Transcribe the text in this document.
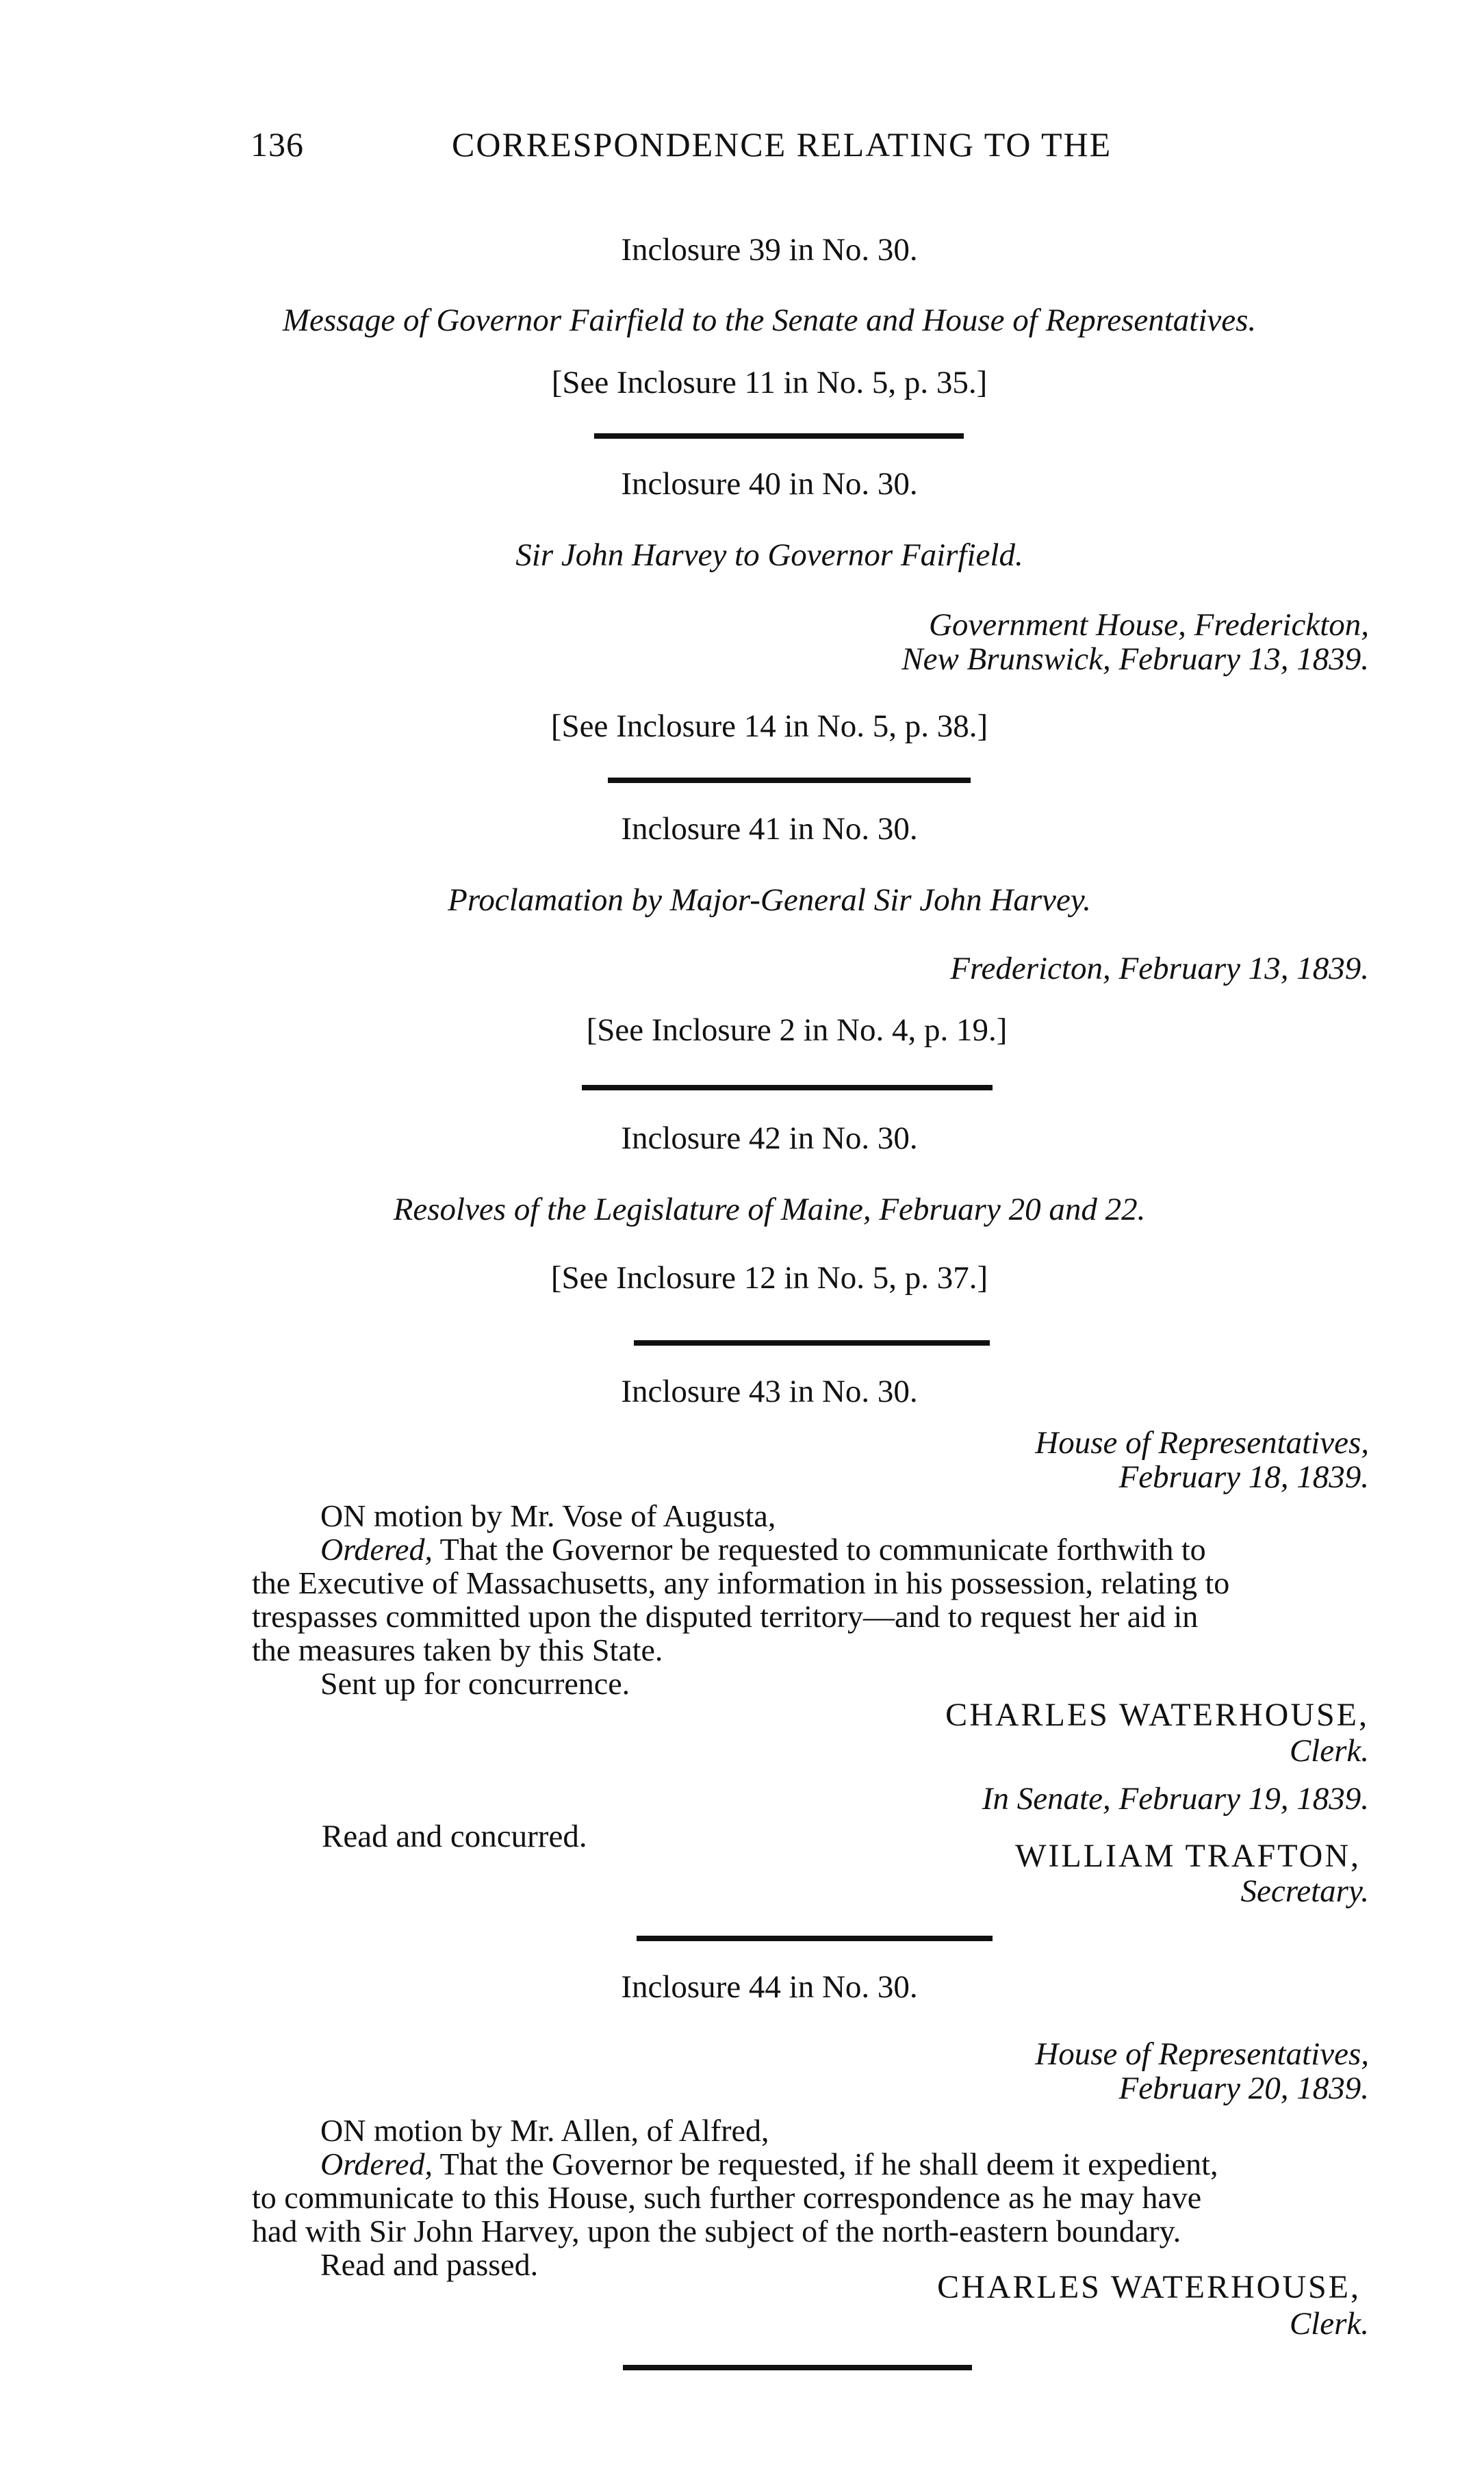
136	CORRESPONDENCE RELATING TO THE
Inclosure 39 in No. 30.
Message of Governor Fairfield to the Senate and House of Representatives.
[See Inclosure 11 in No. 5, p. 35.]
Inclosure 40 in No. 30.
Sir John Harvey to Governor Fairfield.
Government House, Frederickton,
New Brunswick, February 13, 1839.
[See Inclosure 14 in No. 5, p. 38.]
Inclosure 41 in No. 30.
Proclamation by Major-General Sir John Harvey.
Fredericton, February 13, 1839.
[See Inclosure 2 in No. 4, p. 19.]
Inclosure 42 in No. 30.
Resolves of the Legislature of Maine, February 20 and 22.
[See Inclosure 12 in No. 5, p. 37.]
Inclosure 43 in No. 30.
House of Representatives,
February 18, 1839.
ON motion by Mr. Vose of Augusta,
Ordered, That the Governor be requested to communicate forthwith to
the Executive of Massachusetts, any information in his possession, relating to
trespasses committed upon the disputed territory—and to request her aid in
the measures taken by this State.
Sent up for concurrence.
CHARLES WATERHOUSE,
Clerk.
In Senate, February 19, 1839.
Read and concurred.
WILLIAM TRAFTON,
Secretary.
Inclosure 44 in No. 30.
House of Representatives,
February 20, 1839.
ON motion by Mr. Allen, of Alfred,
Ordered, That the Governor be requested, if he shall deem it expedient,
to communicate to this House, such further correspondence as he may have
had with Sir John Harvey, upon the subject of the north-eastern boundary.
Read and passed.
CHARLES WATERHOUSE,
Clerk.
